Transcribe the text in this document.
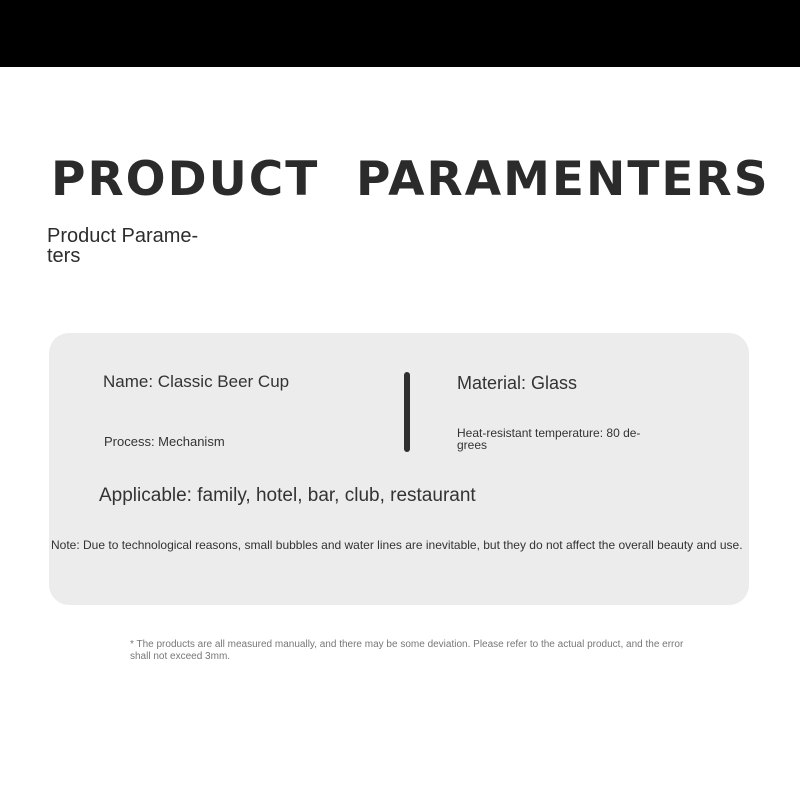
PRODUCT  PARAMENTERS
Product Parame-ters
Name: Classic Beer Cup
Process: Mechanism
Material: Glass
Heat-resistant temperature: 80 de-grees
Applicable: family, hotel, bar, club, restaurant
Note: Due to technological reasons, small bubbles and water lines are inevitable, but they do not affect the overall beauty and use.
* The products are all measured manually, and there may be some deviation. Please refer to the actual product, and the error shall not exceed 3mm.
